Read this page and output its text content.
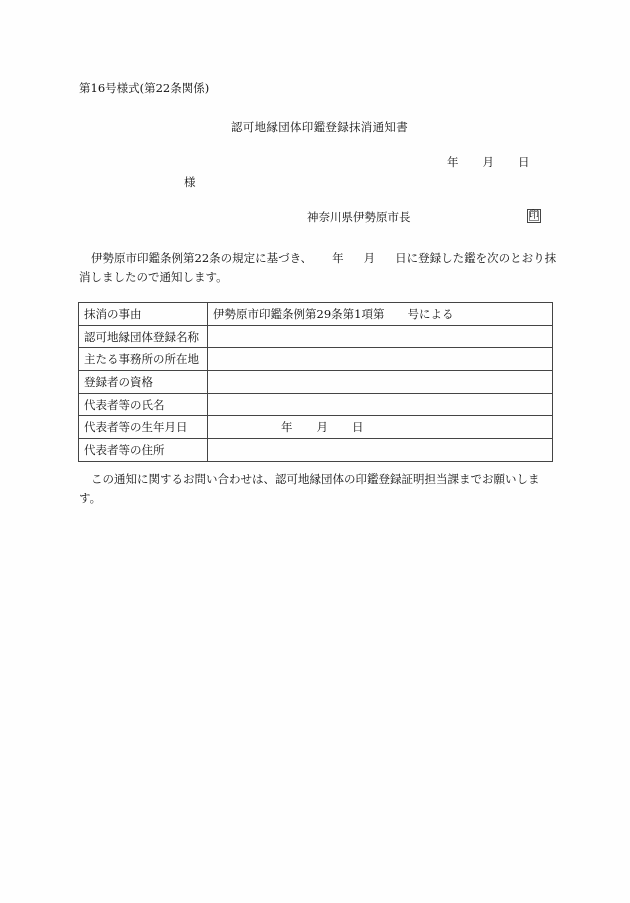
第16号様式(第22条関係)
認可地縁団体印鑑登録抹消通知書
年 月 日
様
神奈川県伊勢原市長	印

伊勢原市印鑑条例第22条の規定に基づき、 年 月 日に登録した鑑を次のとおり抹消しましたので通知します。

抹消の事由	伊勢原市印鑑条例第29条第1項第　　号による
認可地縁団体登録名称	
主たる事務所の所在地	
登録者の資格	
代表者等の氏名	
代表者等の生年月日	年 月 日
代表者等の住所	

この通知に関するお問い合わせは、認可地縁団体の印鑑登録証明担当課までお願いします。
